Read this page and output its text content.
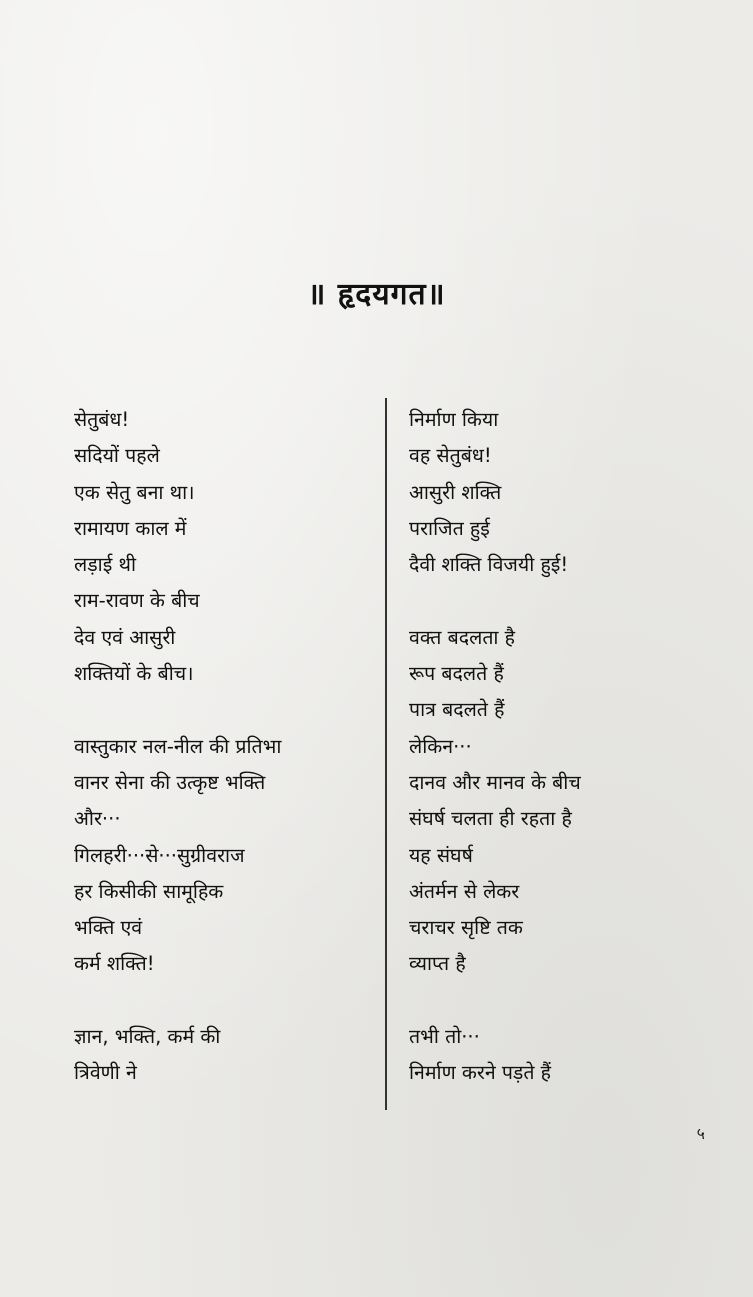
॥ हृदयगत॥
सेतुबंध!
सदियों पहले
एक सेतु बना था।
रामायण काल में
लड़ाई थी
राम-रावण के बीच
देव एवं आसुरी
शक्तियों के बीच।
वास्तुकार नल-नील की प्रतिभा
वानर सेना की उत्कृष्ट भक्ति
और···
गिलहरी···से···सुग्रीवराज
हर किसीकी सामूहिक
भक्ति एवं
कर्म शक्ति!
ज्ञान, भक्ति, कर्म की
त्रिवेणी ने
निर्माण किया
वह सेतुबंध!
आसुरी शक्ति
पराजित हुई
दैवी शक्ति विजयी हुई!
वक्त बदलता है
रूप बदलते हैं
पात्र बदलते हैं
लेकिन···
दानव और मानव के बीच
संघर्ष चलता ही रहता है
यह संघर्ष
अंतर्मन से लेकर
चराचर सृष्टि तक
व्याप्त है
तभी तो···
निर्माण करने पड़ते हैं
५
